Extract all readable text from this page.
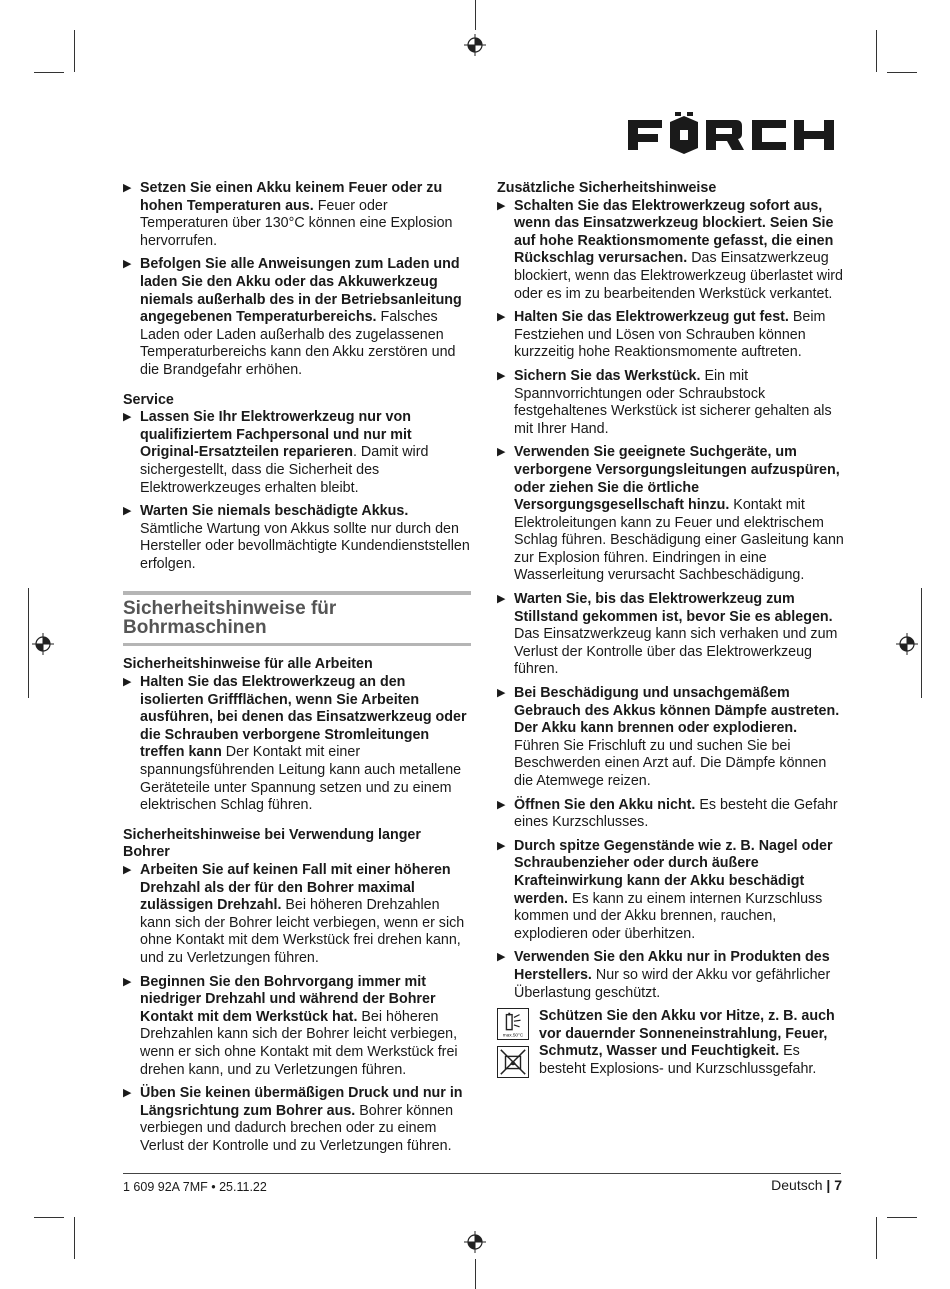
▶ Setzen Sie einen Akku keinem Feuer oder zu hohen Temperaturen aus. Feuer oder Temperaturen über 130°C können eine Explosion hervorrufen.
▶ Befolgen Sie alle Anweisungen zum Laden und laden Sie den Akku oder das Akkuwerkzeug niemals außerhalb des in der Betriebsanleitung angegebenen Temperaturbereichs. Falsches Laden oder Laden außerhalb des zugelassenen Temperaturbereichs kann den Akku zerstören und die Brandgefahr erhöhen.
Service
▶ Lassen Sie Ihr Elektrowerkzeug nur von qualifiziertem Fachpersonal und nur mit Original-Ersatzteilen reparieren. Damit wird sichergestellt, dass die Sicherheit des Elektrowerkzeuges erhalten bleibt.
▶ Warten Sie niemals beschädigte Akkus. Sämtliche Wartung von Akkus sollte nur durch den Hersteller oder bevollmächtigte Kundendienststellen erfolgen.
Sicherheitshinweise für
Bohrmaschinen
Sicherheitshinweise für alle Arbeiten
▶ Halten Sie das Elektrowerkzeug an den isolierten Griffflächen, wenn Sie Arbeiten ausführen, bei denen das Einsatzwerkzeug oder die Schrauben verborgene Stromleitungen treffen kann Der Kontakt mit einer spannungsführenden Leitung kann auch metallene Geräteteile unter Spannung setzen und zu einem elektrischen Schlag führen.
Sicherheitshinweise bei Verwendung langer Bohrer
▶ Arbeiten Sie auf keinen Fall mit einer höheren Drehzahl als der für den Bohrer maximal zulässigen Drehzahl. Bei höheren Drehzahlen kann sich der Bohrer leicht verbiegen, wenn er sich ohne Kontakt mit dem Werkstück frei drehen kann, und zu Verletzungen führen.
▶ Beginnen Sie den Bohrvorgang immer mit niedriger Drehzahl und während der Bohrer Kontakt mit dem Werkstück hat. Bei höheren Drehzahlen kann sich der Bohrer leicht verbiegen, wenn er sich ohne Kontakt mit dem Werkstück frei drehen kann, und zu Verletzungen führen.
▶ Üben Sie keinen übermäßigen Druck und nur in Längsrichtung zum Bohrer aus. Bohrer können verbiegen und dadurch brechen oder zu einem Verlust der Kontrolle und zu Verletzungen führen.
Zusätzliche Sicherheitshinweise
▶ Schalten Sie das Elektrowerkzeug sofort aus, wenn das Einsatzwerkzeug blockiert. Seien Sie auf hohe Reaktionsmomente gefasst, die einen Rückschlag verursachen. Das Einsatzwerkzeug blockiert, wenn das Elektrowerkzeug überlastet wird oder es im zu bearbeitenden Werkstück verkantet.
▶ Halten Sie das Elektrowerkzeug gut fest. Beim Festziehen und Lösen von Schrauben können kurzzeitig hohe Reaktionsmomente auftreten.
▶ Sichern Sie das Werkstück. Ein mit Spannvorrichtungen oder Schraubstock festgehaltenes Werkstück ist sicherer gehalten als mit Ihrer Hand.
▶ Verwenden Sie geeignete Suchgeräte, um verborgene Versorgungsleitungen aufzuspüren, oder ziehen Sie die örtliche Versorgungsgesellschaft hinzu. Kontakt mit Elektroleitungen kann zu Feuer und elektrischem Schlag führen. Beschädigung einer Gasleitung kann zur Explosion führen. Eindringen in eine Wasserleitung verursacht Sachbeschädigung.
▶ Warten Sie, bis das Elektrowerkzeug zum Stillstand gekommen ist, bevor Sie es ablegen. Das Einsatzwerkzeug kann sich verhaken und zum Verlust der Kontrolle über das Elektrowerkzeug führen.
▶ Bei Beschädigung und unsachgemäßem Gebrauch des Akkus können Dämpfe austreten. Der Akku kann brennen oder explodieren. Führen Sie Frischluft zu und suchen Sie bei Beschwerden einen Arzt auf. Die Dämpfe können die Atemwege reizen.
▶ Öffnen Sie den Akku nicht. Es besteht die Gefahr eines Kurzschlusses.
▶ Durch spitze Gegenstände wie z. B. Nagel oder Schraubenzieher oder durch äußere Krafteinwirkung kann der Akku beschädigt werden. Es kann zu einem internen Kurzschluss kommen und der Akku brennen, rauchen, explodieren oder überhitzen.
▶ Verwenden Sie den Akku nur in Produkten des Herstellers. Nur so wird der Akku vor gefährlicher Überlastung geschützt.
max.50°C
Schützen Sie den Akku vor Hitze, z. B. auch vor dauernder Sonneneinstrahlung, Feuer, Schmutz, Wasser und Feuchtigkeit. Es besteht Explosions- und Kurzschlussgefahr.
1 609 92A 7MF • 25.11.22	Deutsch | 7
